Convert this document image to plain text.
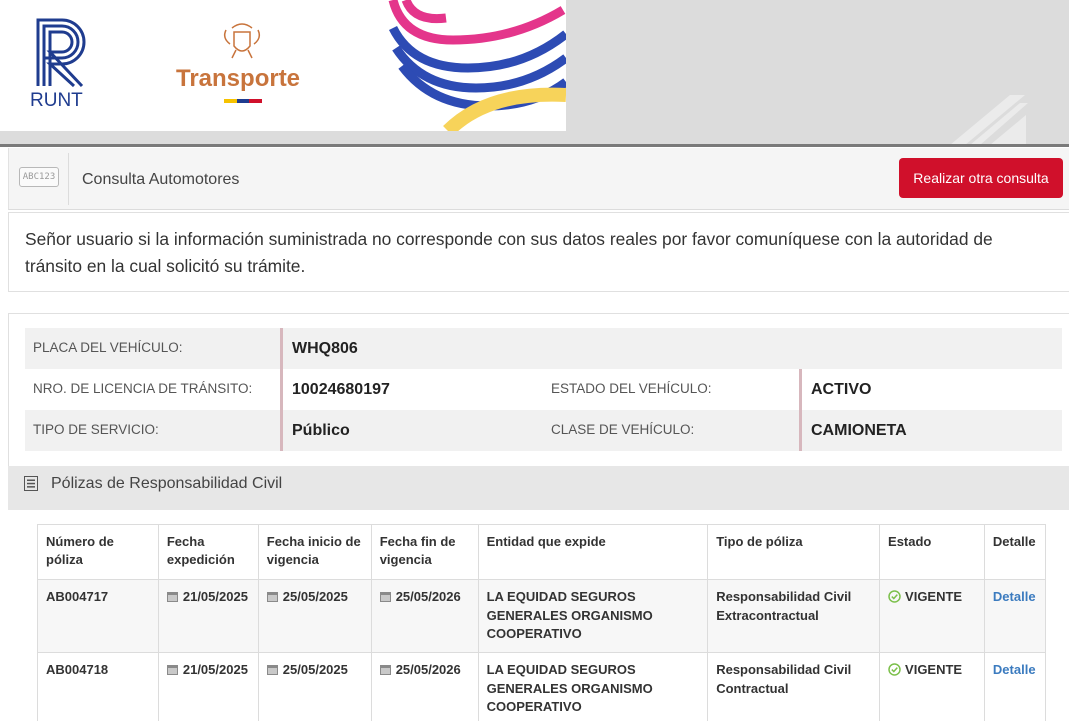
RUNT
Transporte
ABC123 Consulta Automotores	Realizar otra consulta
Señor usuario si la información suministrada no corresponde con sus datos reales por favor comuníquese con la autoridad de tránsito en la cual solicitó su trámite.
PLACA DEL VEHÍCULO:	WHQ806
NRO. DE LICENCIA DE TRÁNSITO:	10024680197	ESTADO DEL VEHÍCULO:	ACTIVO
TIPO DE SERVICIO:	Público	CLASE DE VEHÍCULO:	CAMIONETA
Pólizas de Responsabilidad Civil
Número de póliza	Fecha expedición	Fecha inicio de vigencia	Fecha fin de vigencia	Entidad que expide	Tipo de póliza	Estado	Detalle
AB004717	21/05/2025	25/05/2025	25/05/2026	LA EQUIDAD SEGUROS GENERALES ORGANISMO COOPERATIVO	Responsabilidad Civil Extracontractual	VIGENTE	Detalle
AB004718	21/05/2025	25/05/2025	25/05/2026	LA EQUIDAD SEGUROS GENERALES ORGANISMO COOPERATIVO	Responsabilidad Civil Contractual	VIGENTE	Detalle
